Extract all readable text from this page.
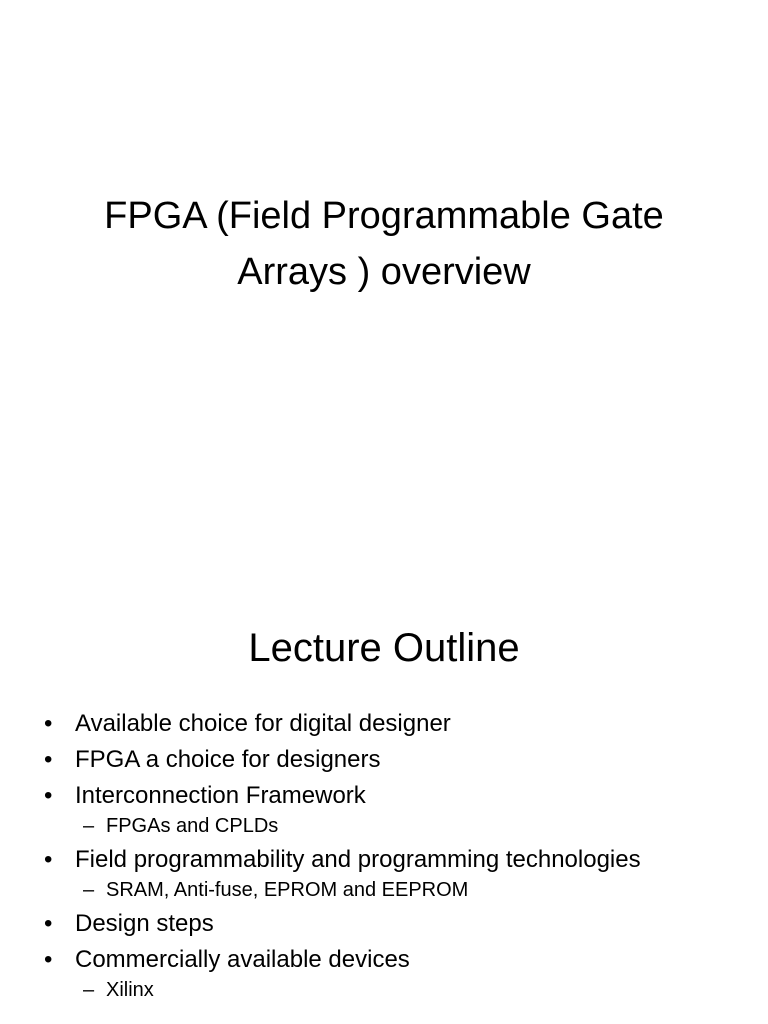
FPGA (Field Programmable Gate
Arrays ) overview
Lecture Outline
• Available choice for digital designer
• FPGA a choice for designers
• Interconnection Framework
– FPGAs and CPLDs
• Field programmability and programming technologies
– SRAM, Anti-fuse, EPROM and EEPROM
• Design steps
• Commercially available devices
– Xilinx
